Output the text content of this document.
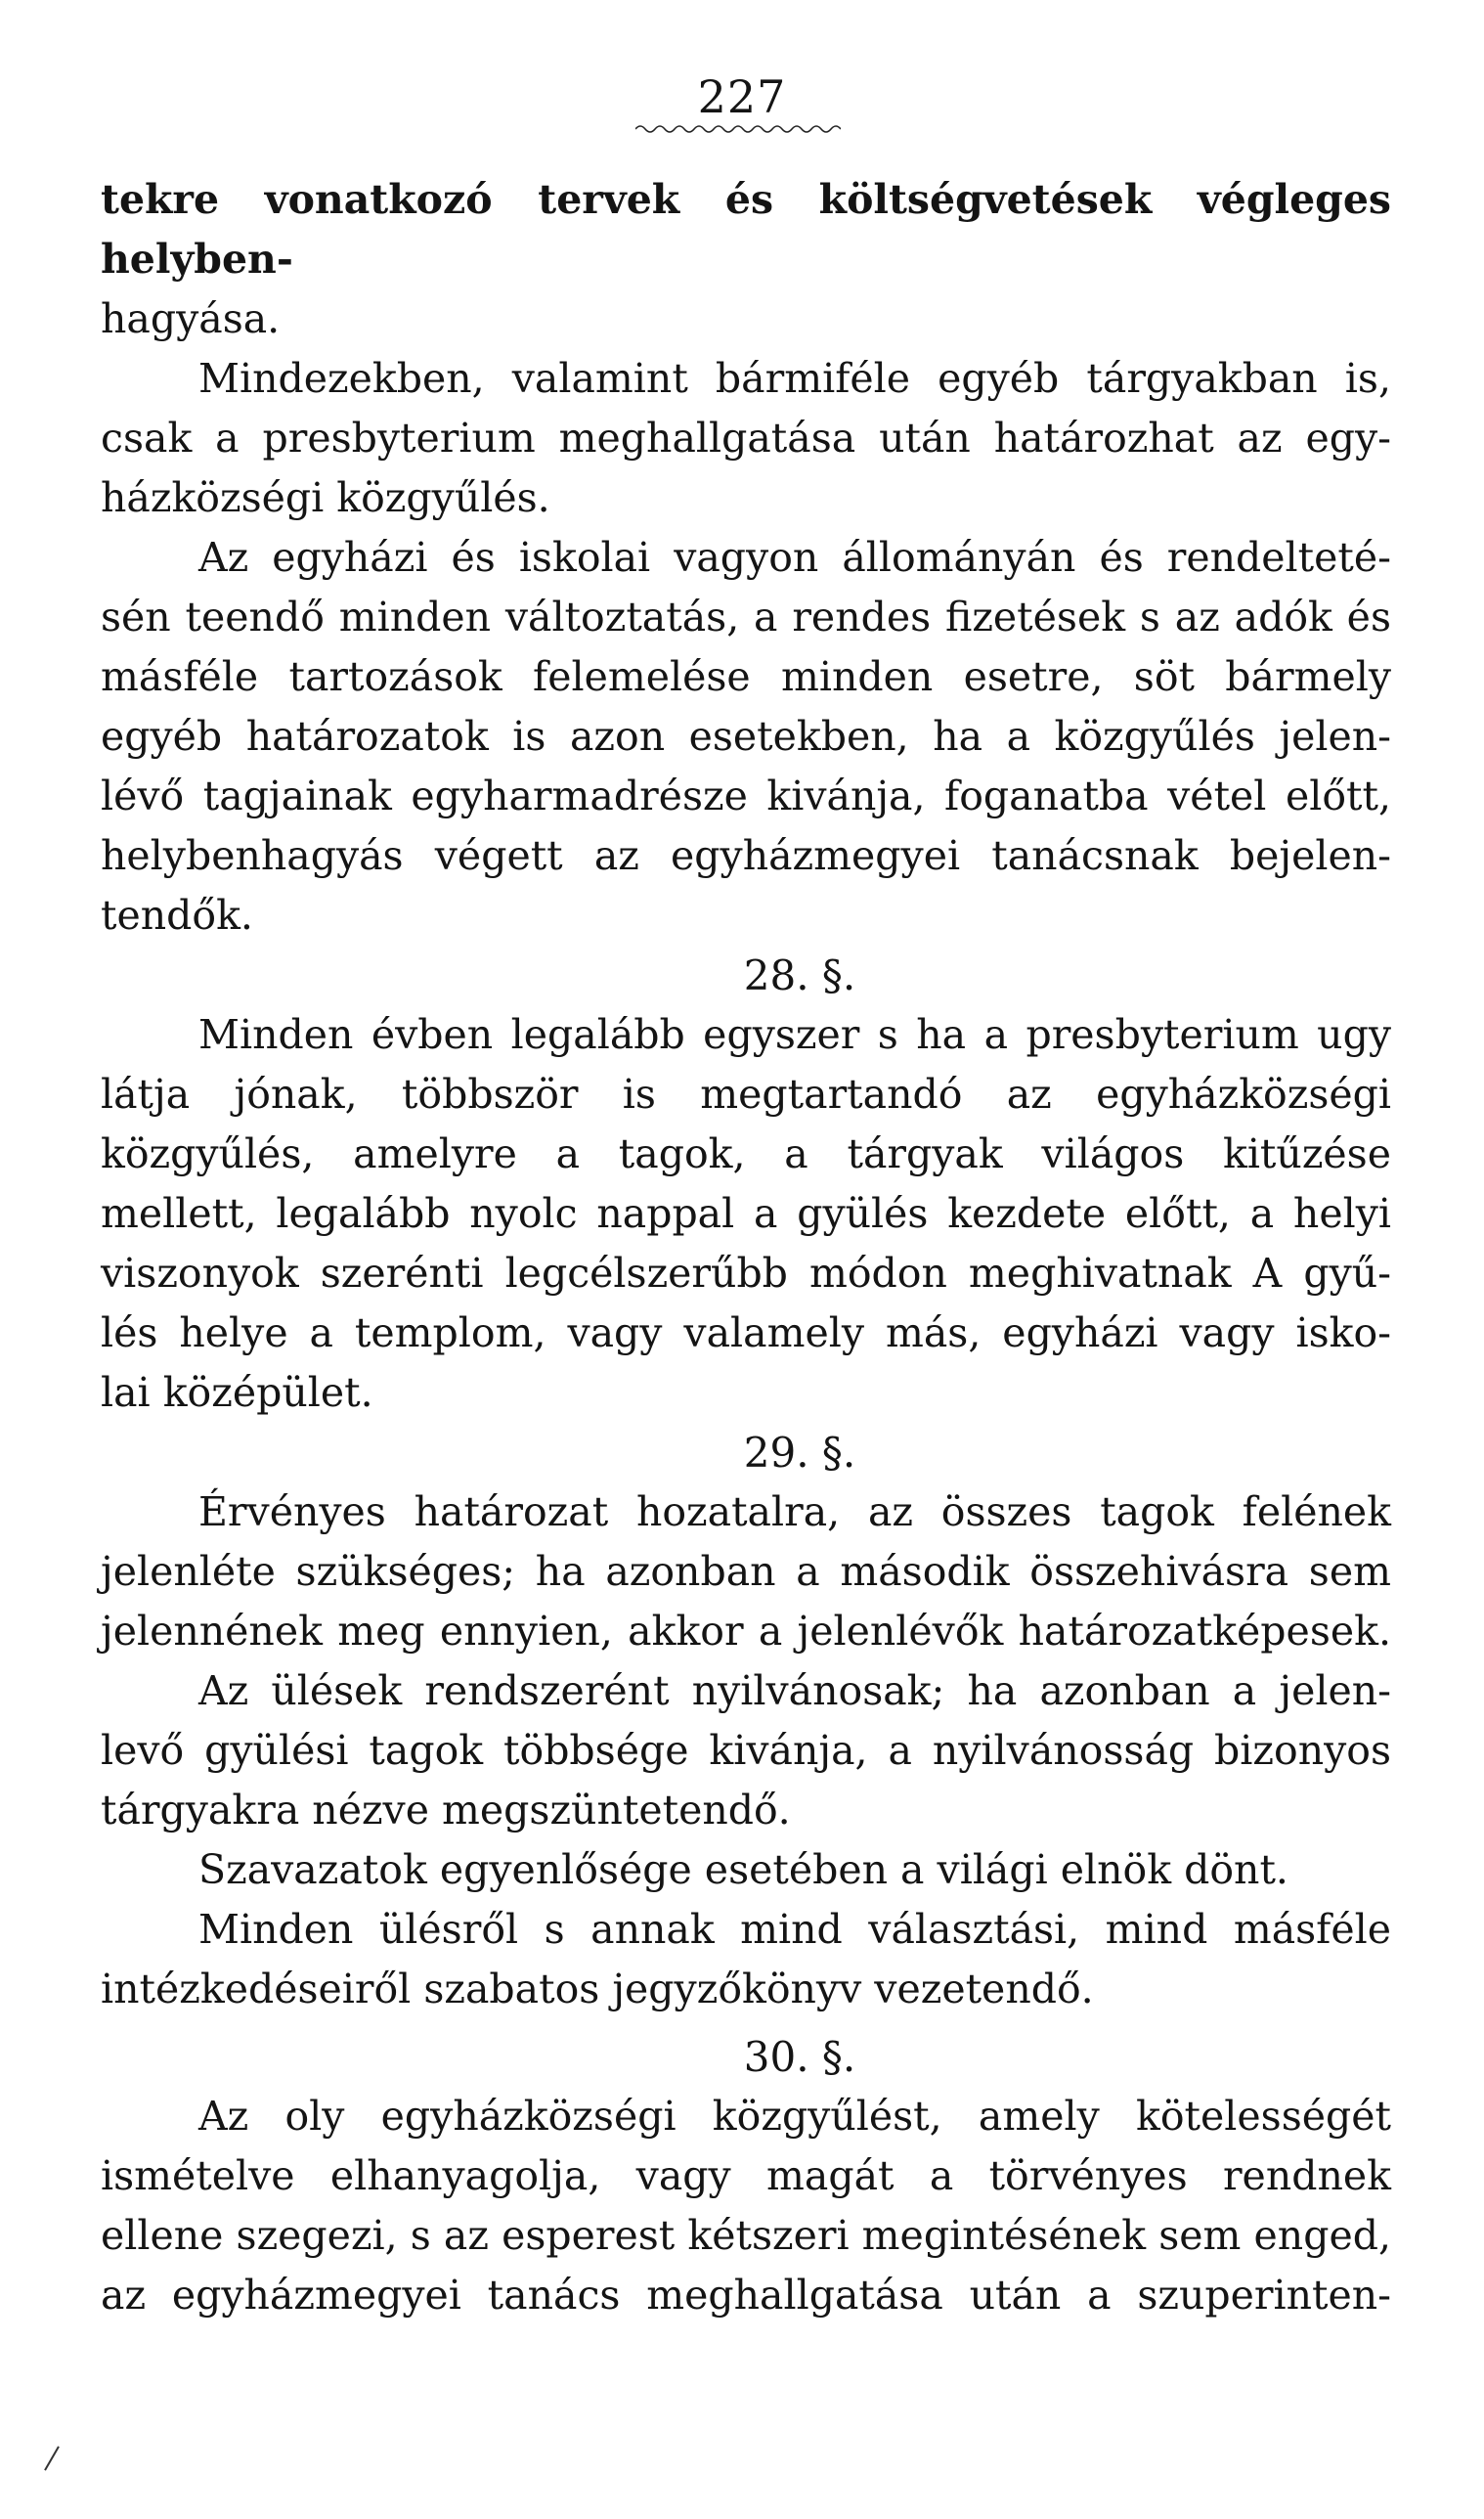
227

tekre vonatkozó tervek és költségvetések végleges helyben-

hagyása.

Mindezekben, valamint bármiféle egyéb tárgyakban is,

csak a presbyterium meghallgatása után határozhat az egy-

házközségi közgyűlés.

Az egyházi és iskolai vagyon állományán és rendelteté-

sén teendő minden változtatás, a rendes fizetések s az adók és

másféle tartozások felemelése minden esetre, söt bármely

egyéb határozatok is azon esetekben, ha a közgyűlés jelen-

lévő tagjainak egyharmadrésze kivánja, foganatba vétel előtt,

helybenhagyás végett az egyházmegyei tanácsnak bejelen-

tendők.

28. §.

Minden évben legalább egyszer s ha a presbyterium ugy

látja jónak, többször is megtartandó az egyházközségi

közgyűlés, amelyre a tagok, a tárgyak világos kitűzése

mellett, legalább nyolc nappal a gyülés kezdete előtt, a helyi

viszonyok szerénti legcélszerűbb módon meghivatnak A gyű-

lés helye a templom, vagy valamely más, egyházi vagy isko-

lai középület.

29. §.

Érvényes határozat hozatalra, az összes tagok felének

jelenléte szükséges; ha azonban a második összehivásra sem

jelennének meg ennyien, akkor a jelenlévők határozatképesek.

Az ülések rendszerént nyilvánosak; ha azonban a jelen-

levő gyülési tagok többsége kivánja, a nyilvánosság bizonyos

tárgyakra nézve megszüntetendő.

Szavazatok egyenlősége esetében a világi elnök dönt.

Minden ülésről s annak mind választási, mind másféle

intézkedéseiről szabatos jegyzőkönyv vezetendő.

30. §.

Az oly egyházközségi közgyűlést, amely kötelességét

ismételve elhanyagolja, vagy magát a törvényes rendnek

ellene szegezi, s az esperest kétszeri megintésének sem enged,

az egyházmegyei tanács meghallgatása után a szuperinten-
